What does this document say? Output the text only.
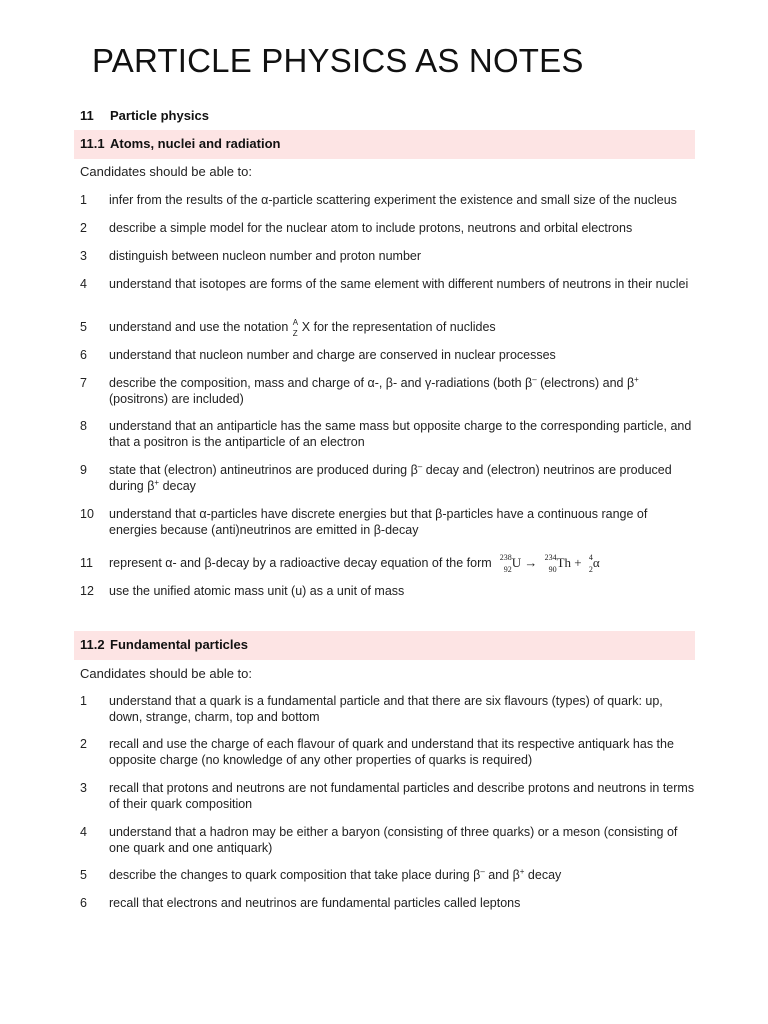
PARTICLE PHYSICS AS NOTES
11 Particle physics
11.1 Atoms, nuclei and radiation
Candidates should be able to:
1 infer from the results of the α-particle scattering experiment the existence and small size of the nucleus
2 describe a simple model for the nuclear atom to include protons, neutrons and orbital electrons
3 distinguish between nucleon number and proton number
4 understand that isotopes are forms of the same element with different numbers of neutrons in their nuclei
5 understand and use the notation A
Z X for the representation of nuclides
6 understand that nucleon number and charge are conserved in nuclear processes
7 describe the composition, mass and charge of α-, β- and γ-radiations (both β– (electrons) and β+ (positrons) are included)
8 understand that an antiparticle has the same mass but opposite charge to the corresponding particle, and that a positron is the antiparticle of an electron
9 state that (electron) antineutrinos are produced during β– decay and (electron) neutrinos are produced during β+ decay
10 understand that α-particles have discrete energies but that β-particles have a continuous range of energies because (anti)neutrinos are emitted in β-decay
11 represent α- and β-decay by a radioactive decay equation of the form 238
92 U → 234
90 Th + 4
2 α
12 use the unified atomic mass unit (u) as a unit of mass
11.2 Fundamental particles
Candidates should be able to:
1 understand that a quark is a fundamental particle and that there are six flavours (types) of quark: up, down, strange, charm, top and bottom
2 recall and use the charge of each flavour of quark and understand that its respective antiquark has the opposite charge (no knowledge of any other properties of quarks is required)
3 recall that protons and neutrons are not fundamental particles and describe protons and neutrons in terms of their quark composition
4 understand that a hadron may be either a baryon (consisting of three quarks) or a meson (consisting of one quark and one antiquark)
5 describe the changes to quark composition that take place during β– and β+ decay
6 recall that electrons and neutrinos are fundamental particles called leptons
